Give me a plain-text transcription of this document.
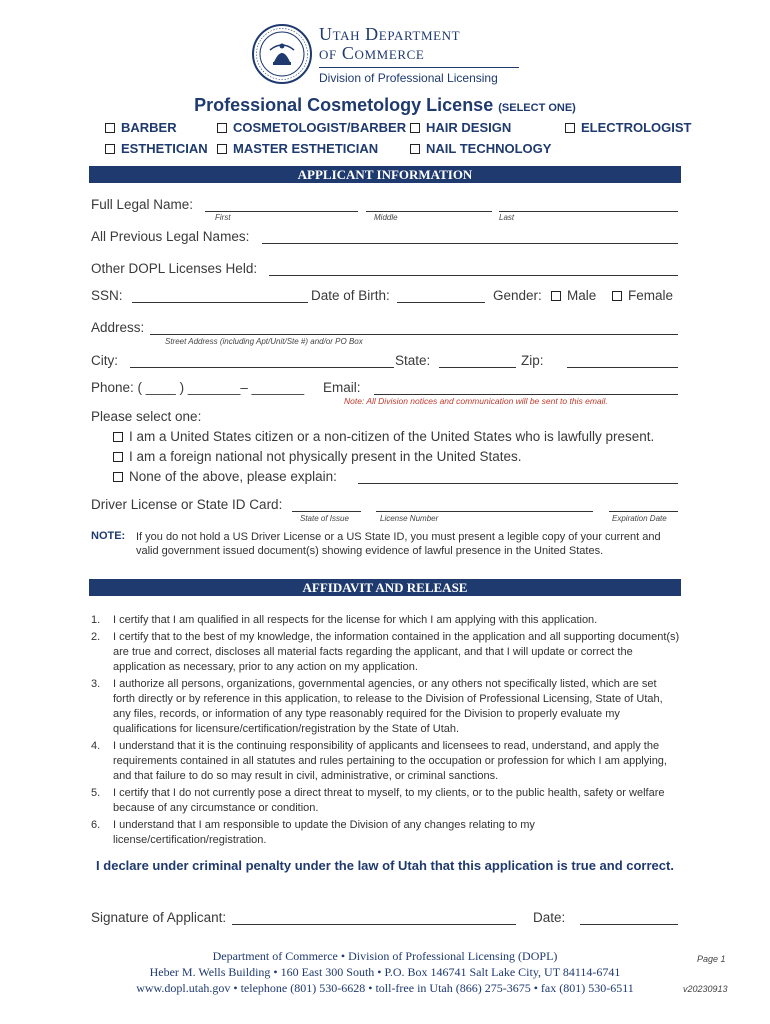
Utah Department
of Commerce
Division of Professional Licensing
Professional Cosmetology License (SELECT ONE)
BARBER	COSMETOLOGIST/BARBER	HAIR DESIGN	ELECTROLOGIST
ESTHETICIAN	MASTER ESTHETICIAN	NAIL TECHNOLOGY
APPLICANT INFORMATION
Full Legal Name:
First	Middle	Last
All Previous Legal Names:
Other DOPL Licenses Held:
SSN:	Date of Birth:	Gender:	Male	Female
Address:
Street Address (including Apt/Unit/Ste #) and/or PO Box
City:	State:	Zip:
Phone: ( ____ ) _______– _______ Email:
Note: All Division notices and communication will be sent to this email.
Please select one:
I am a United States citizen or a non-citizen of the United States who is lawfully present.
I am a foreign national not physically present in the United States.
None of the above, please explain:
Driver License or State ID Card:
State of Issue	License Number	Expiration Date
NOTE: If you do not hold a US Driver License or a US State ID, you must present a legible copy of your current and valid government issued document(s) showing evidence of lawful presence in the United States.
AFFIDAVIT AND RELEASE
1. I certify that I am qualified in all respects for the license for which I am applying with this application.
2. I certify that to the best of my knowledge, the information contained in the application and all supporting document(s) are true and correct, discloses all material facts regarding the applicant, and that I will update or correct the application as necessary, prior to any action on my application.
3. I authorize all persons, organizations, governmental agencies, or any others not specifically listed, which are set forth directly or by reference in this application, to release to the Division of Professional Licensing, State of Utah, any files, records, or information of any type reasonably required for the Division to properly evaluate my qualifications for licensure/certification/registration by the State of Utah.
4. I understand that it is the continuing responsibility of applicants and licensees to read, understand, and apply the requirements contained in all statutes and rules pertaining to the occupation or profession for which I am applying, and that failure to do so may result in civil, administrative, or criminal sanctions.
5. I certify that I do not currently pose a direct threat to myself, to my clients, or to the public health, safety or welfare because of any circumstance or condition.
6. I understand that I am responsible to update the Division of any changes relating to my license/certification/registration.
I declare under criminal penalty under the law of Utah that this application is true and correct.
Signature of Applicant:	Date:
Department of Commerce • Division of Professional Licensing (DOPL)
Heber M. Wells Building • 160 East 300 South • P.O. Box 146741 Salt Lake City, UT 84114-6741
www.dopl.utah.gov • telephone (801) 530-6628 • toll-free in Utah (866) 275-3675 • fax (801) 530-6511
Page 1
v20230913
